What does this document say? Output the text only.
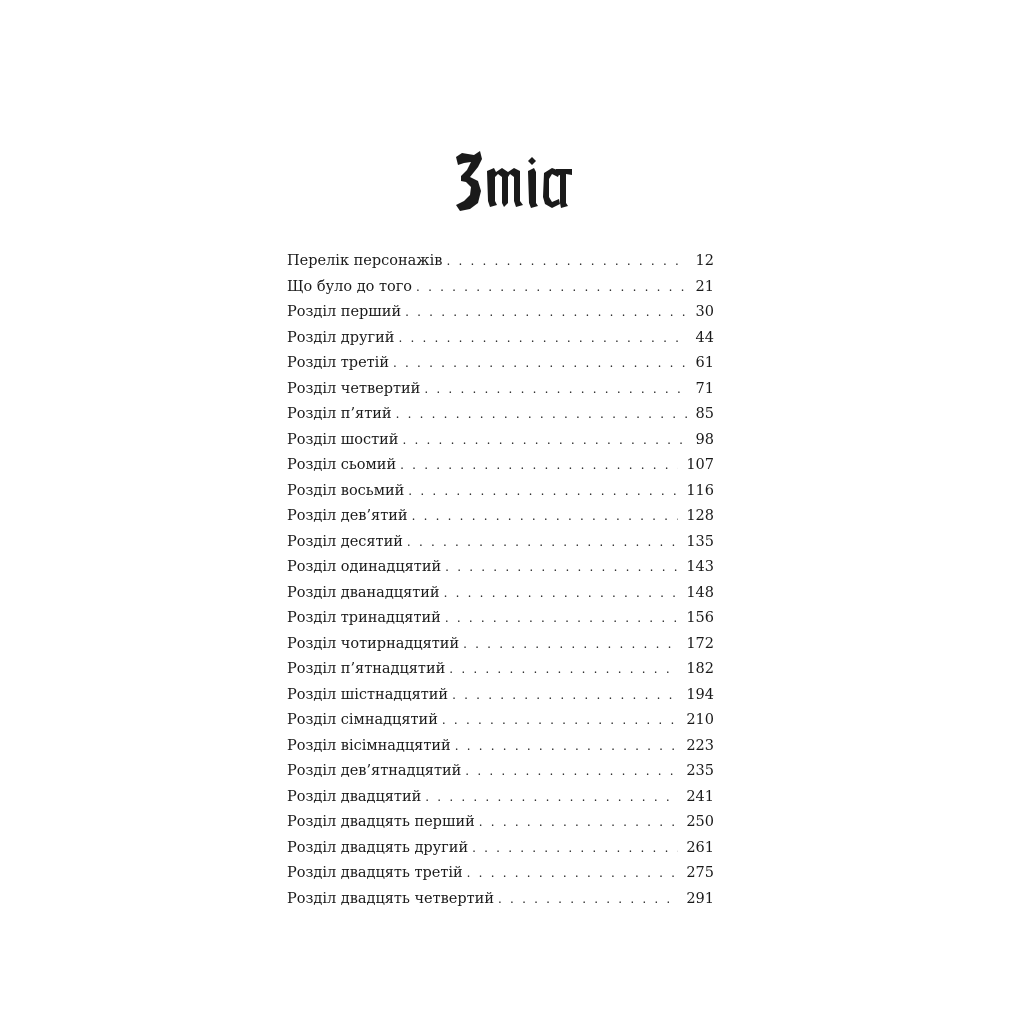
Перелік персонажів . . .	12
Що було до того . . .	21
Розділ перший . . .	30
Розділ другий . . .	44
Розділ третій . . .	61
Розділ четвертий . . .	71
Розділ п’ятий . . .	85
Розділ шостий . . .	98
Розділ сьомий . . .	107
Розділ восьмий . . .	116
Розділ дев’ятий . . .	128
Розділ десятий . . .	135
Розділ одинадцятий . . .	143
Розділ дванадцятий . . .	148
Розділ тринадцятий . . .	156
Розділ чотирнадцятий . . .	172
Розділ п’ятнадцятий . . .	182
Розділ шістнадцятий . . .	194
Розділ сімнадцятий . . .	210
Розділ вісімнадцятий . . .	223
Розділ дев’ятнадцятий . . .	235
Розділ двадцятий . . .	241
Розділ двадцять перший . . .	250
Розділ двадцять другий . . .	261
Розділ двадцять третій . . .	275
Розділ двадцять четвертий . . .	291
